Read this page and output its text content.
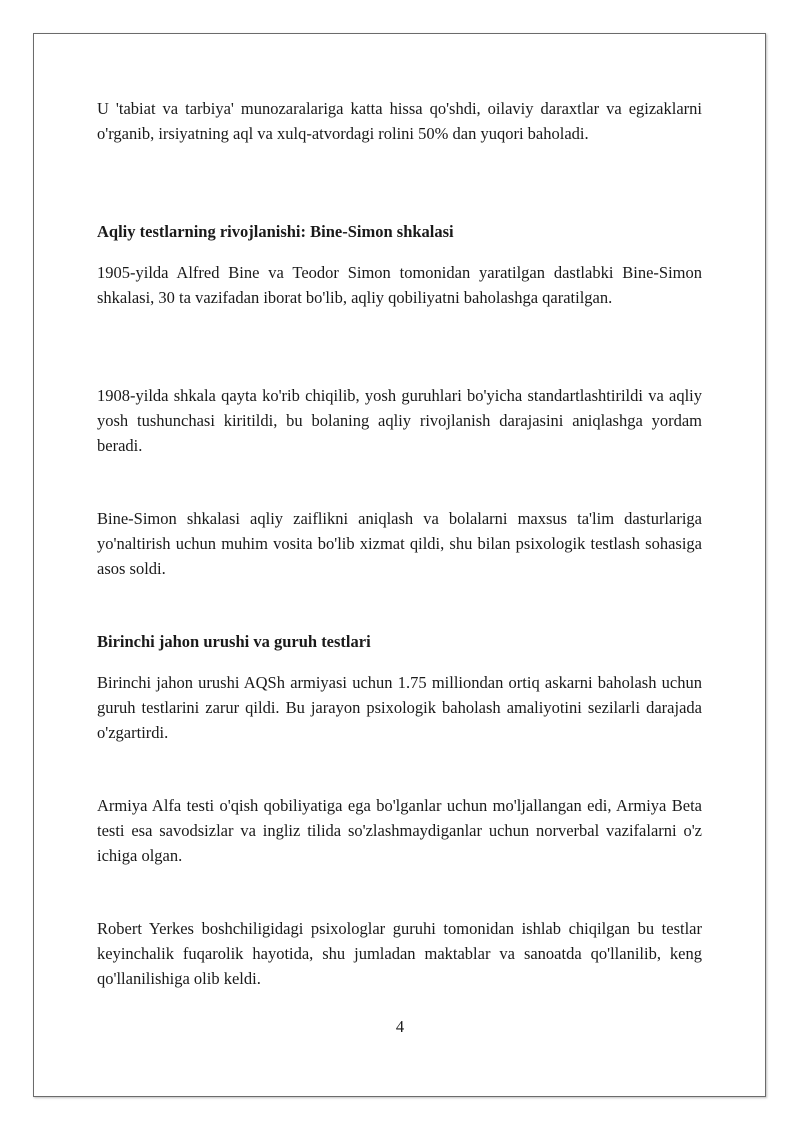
U 'tabiat va tarbiya' munozaralariga katta hissa qo'shdi, oilaviy daraxtlar va egizaklarni o'rganib, irsiyatning aql va xulq-atvordagi rolini 50% dan yuqori baholadi.

Aqliy testlarning rivojlanishi: Bine-Simon shkalasi

1905-yilda Alfred Bine va Teodor Simon tomonidan yaratilgan dastlabki Bine-Simon shkalasi, 30 ta vazifadan iborat bo'lib, aqliy qobiliyatni baholashga qaratilgan.

1908-yilda shkala qayta ko'rib chiqilib, yosh guruhlari bo'yicha standartlashtirildi va aqliy yosh tushunchasi kiritildi, bu bolaning aqliy rivojlanish darajasini aniqlashga yordam beradi.

Bine-Simon shkalasi aqliy zaiflikni aniqlash va bolalarni maxsus ta'lim dasturlariga yo'naltirish uchun muhim vosita bo'lib xizmat qildi, shu bilan psixologik testlash sohasiga asos soldi.

Birinchi jahon urushi va guruh testlari

Birinchi jahon urushi AQSh armiyasi uchun 1.75 milliondan ortiq askarni baholash uchun guruh testlarini zarur qildi. Bu jarayon psixologik baholash amaliyotini sezilarli darajada o'zgartirdi.

Armiya Alfa testi o'qish qobiliyatiga ega bo'lganlar uchun mo'ljallangan edi, Armiya Beta testi esa savodsizlar va ingliz tilida so'zlashmaydiganlar uchun norverbal vazifalarni o'z ichiga olgan.

Robert Yerkes boshchiligidagi psixologlar guruhi tomonidan ishlab chiqilgan bu testlar keyinchalik fuqarolik hayotida, shu jumladan maktablar va sanoatda qo'llanilib, keng qo'llanilishiga olib keldi.

4
